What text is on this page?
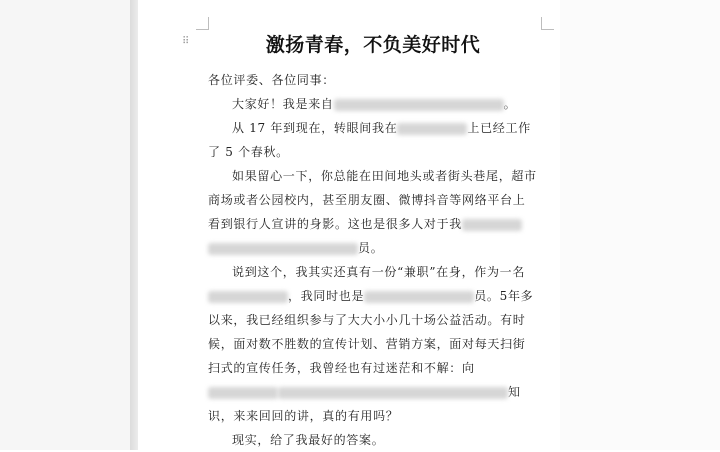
⠿	激扬青春，不负美好时代

各位评委、各位同事：

大家好！我是来自	。

从 17 年到现在，转眼间我在	上已经工作了 5 个春秋。

如果留心一下，你总能在田间地头或者街头巷尾，超市商场或者公园校内，甚至朋友圈、微博抖音等网络平台上看到银行人宣讲的身影。这也是很多人对于我员。

说到这个，我其实还真有一份“兼职”在身，作为一名，我同时也是	员。5年多以来，我已经组织参与了大大小小几十场公益活动。有时候，面对数不胜数的宣传计划、营销方案，面对每天扫街扫式的宣传任务，我曾经也有过迷茫和不解：向知识，来来回回的讲，真的有用吗？

现实，给了我最好的答案。
